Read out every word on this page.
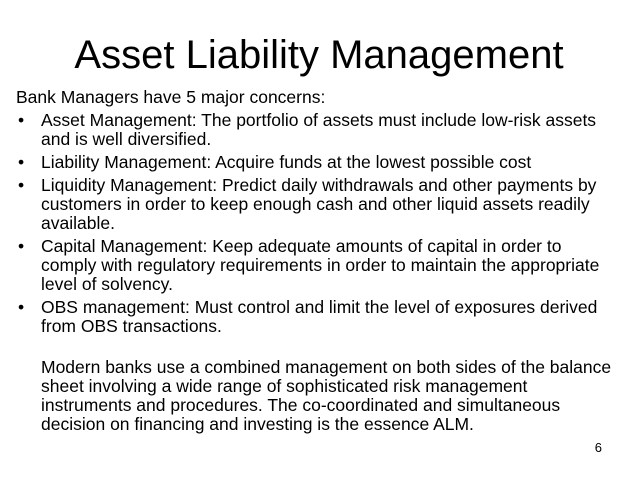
Asset Liability Management

Bank Managers have 5 major concerns:

• Asset Management: The portfolio of assets must include low-risk assets and is well diversified.
• Liability Management: Acquire funds at the lowest possible cost
• Liquidity Management: Predict daily withdrawals and other payments by customers in order to keep enough cash and other liquid assets readily available.
• Capital Management: Keep adequate amounts of capital in order to comply with regulatory requirements in order to maintain the appropriate level of solvency.
• OBS management: Must control and limit the level of exposures derived from OBS transactions.

Modern banks use a combined management on both sides of the balance sheet involving a wide range of sophisticated risk management instruments and procedures. The co-coordinated and simultaneous decision on financing and investing is the essence ALM.

6
